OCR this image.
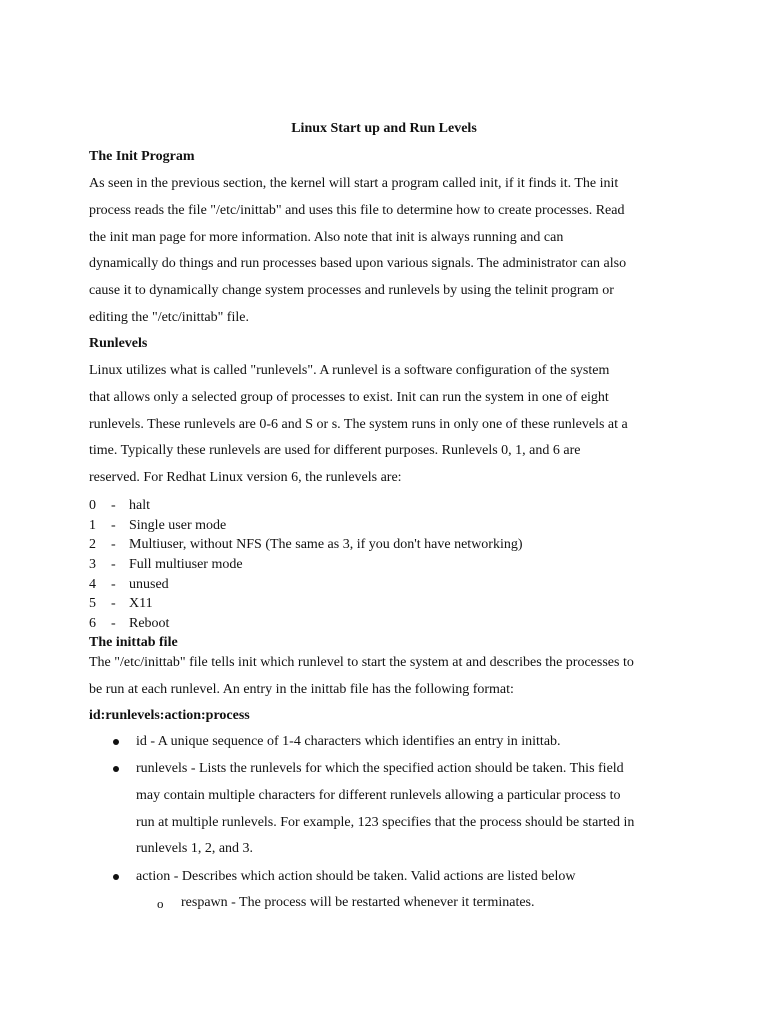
Linux Start up and Run Levels
The Init Program
As seen in the previous section, the kernel will start a program called init, if it finds it. The init
process reads the file "/etc/inittab" and uses this file to determine how to create processes. Read
the init man page for more information. Also note that init is always running and can
dynamically do things and run processes based upon various signals. The administrator can also
cause it to dynamically change system processes and runlevels by using the telinit program or
editing the "/etc/inittab" file.
Runlevels
Linux utilizes what is called "runlevels". A runlevel is a software configuration of the system
that allows only a selected group of processes to exist. Init can run the system in one of eight
runlevels. These runlevels are 0-6 and S or s. The system runs in only one of these runlevels at a
time. Typically these runlevels are used for different purposes. Runlevels 0, 1, and 6 are
reserved. For Redhat Linux version 6, the runlevels are:
0 - halt
1 - Single user mode
2 - Multiuser, without NFS (The same as 3, if you don't have networking)
3 - Full multiuser mode
4 - unused
5 - X11
6 - Reboot
The inittab file
The "/etc/inittab" file tells init which runlevel to start the system at and describes the processes to
be run at each runlevel. An entry in the inittab file has the following format:
id:runlevels:action:process
id - A unique sequence of 1-4 characters which identifies an entry in inittab.
runlevels - Lists the runlevels for which the specified action should be taken. This field
may contain multiple characters for different runlevels allowing a particular process to
run at multiple runlevels. For example, 123 specifies that the process should be started in
runlevels 1, 2, and 3.
action - Describes which action should be taken. Valid actions are listed below
o respawn - The process will be restarted whenever it terminates.
